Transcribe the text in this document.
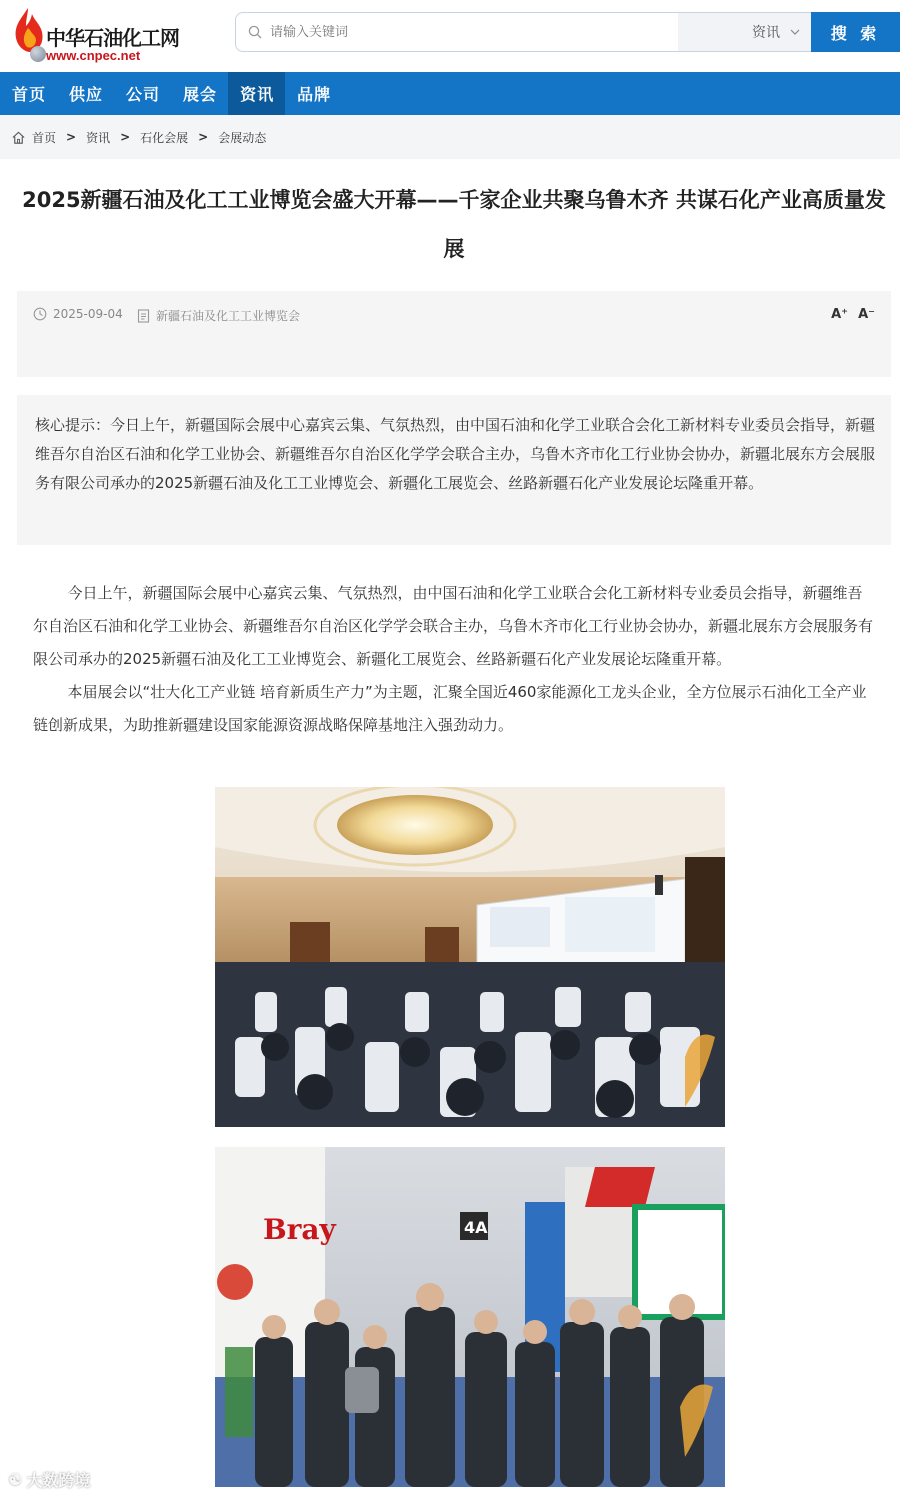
中华石油化工网
www.cnpec.net
请输入关键词
资讯	搜 索
首页	供应	公司	展会	资讯	品牌
首页 > 资讯 > 石化会展 > 会展动态
2025新疆石油及化工工业博览会盛大开幕——千家企业共聚乌鲁木齐 共谋石化产业高质量发展
2025-09-04	新疆石油及化工工业博览会	A⁺ A⁻
核心提示：今日上午，新疆国际会展中心嘉宾云集、气氛热烈，由中国石油和化学工业联合会化工新材料专业委员会指导，新疆维吾尔自治区石油和化学工业协会、新疆维吾尔自治区化学学会联合主办，乌鲁木齐市化工行业协会协办，新疆北展东方会展服务有限公司承办的2025新疆石油及化工工业博览会、新疆化工展览会、丝路新疆石化产业发展论坛隆重开幕。

今日上午，新疆国际会展中心嘉宾云集、气氛热烈，由中国石油和化学工业联合会化工新材料专业委员会指导，新疆维吾尔自治区石油和化学工业协会、新疆维吾尔自治区化学学会联合主办，乌鲁木齐市化工行业协会协办，新疆北展东方会展服务有限公司承办的2025新疆石油及化工工业博览会、新疆化工展览会、丝路新疆石化产业发展论坛隆重开幕。

本届展会以“壮大化工产业链 培育新质生产力”为主题，汇聚全国近460家能源化工龙头企业，全方位展示石油化工全产业链创新成果，为助推新疆建设国家能源资源战略保障基地注入强劲动力。

Bray	4A
☯ 大数跨境
